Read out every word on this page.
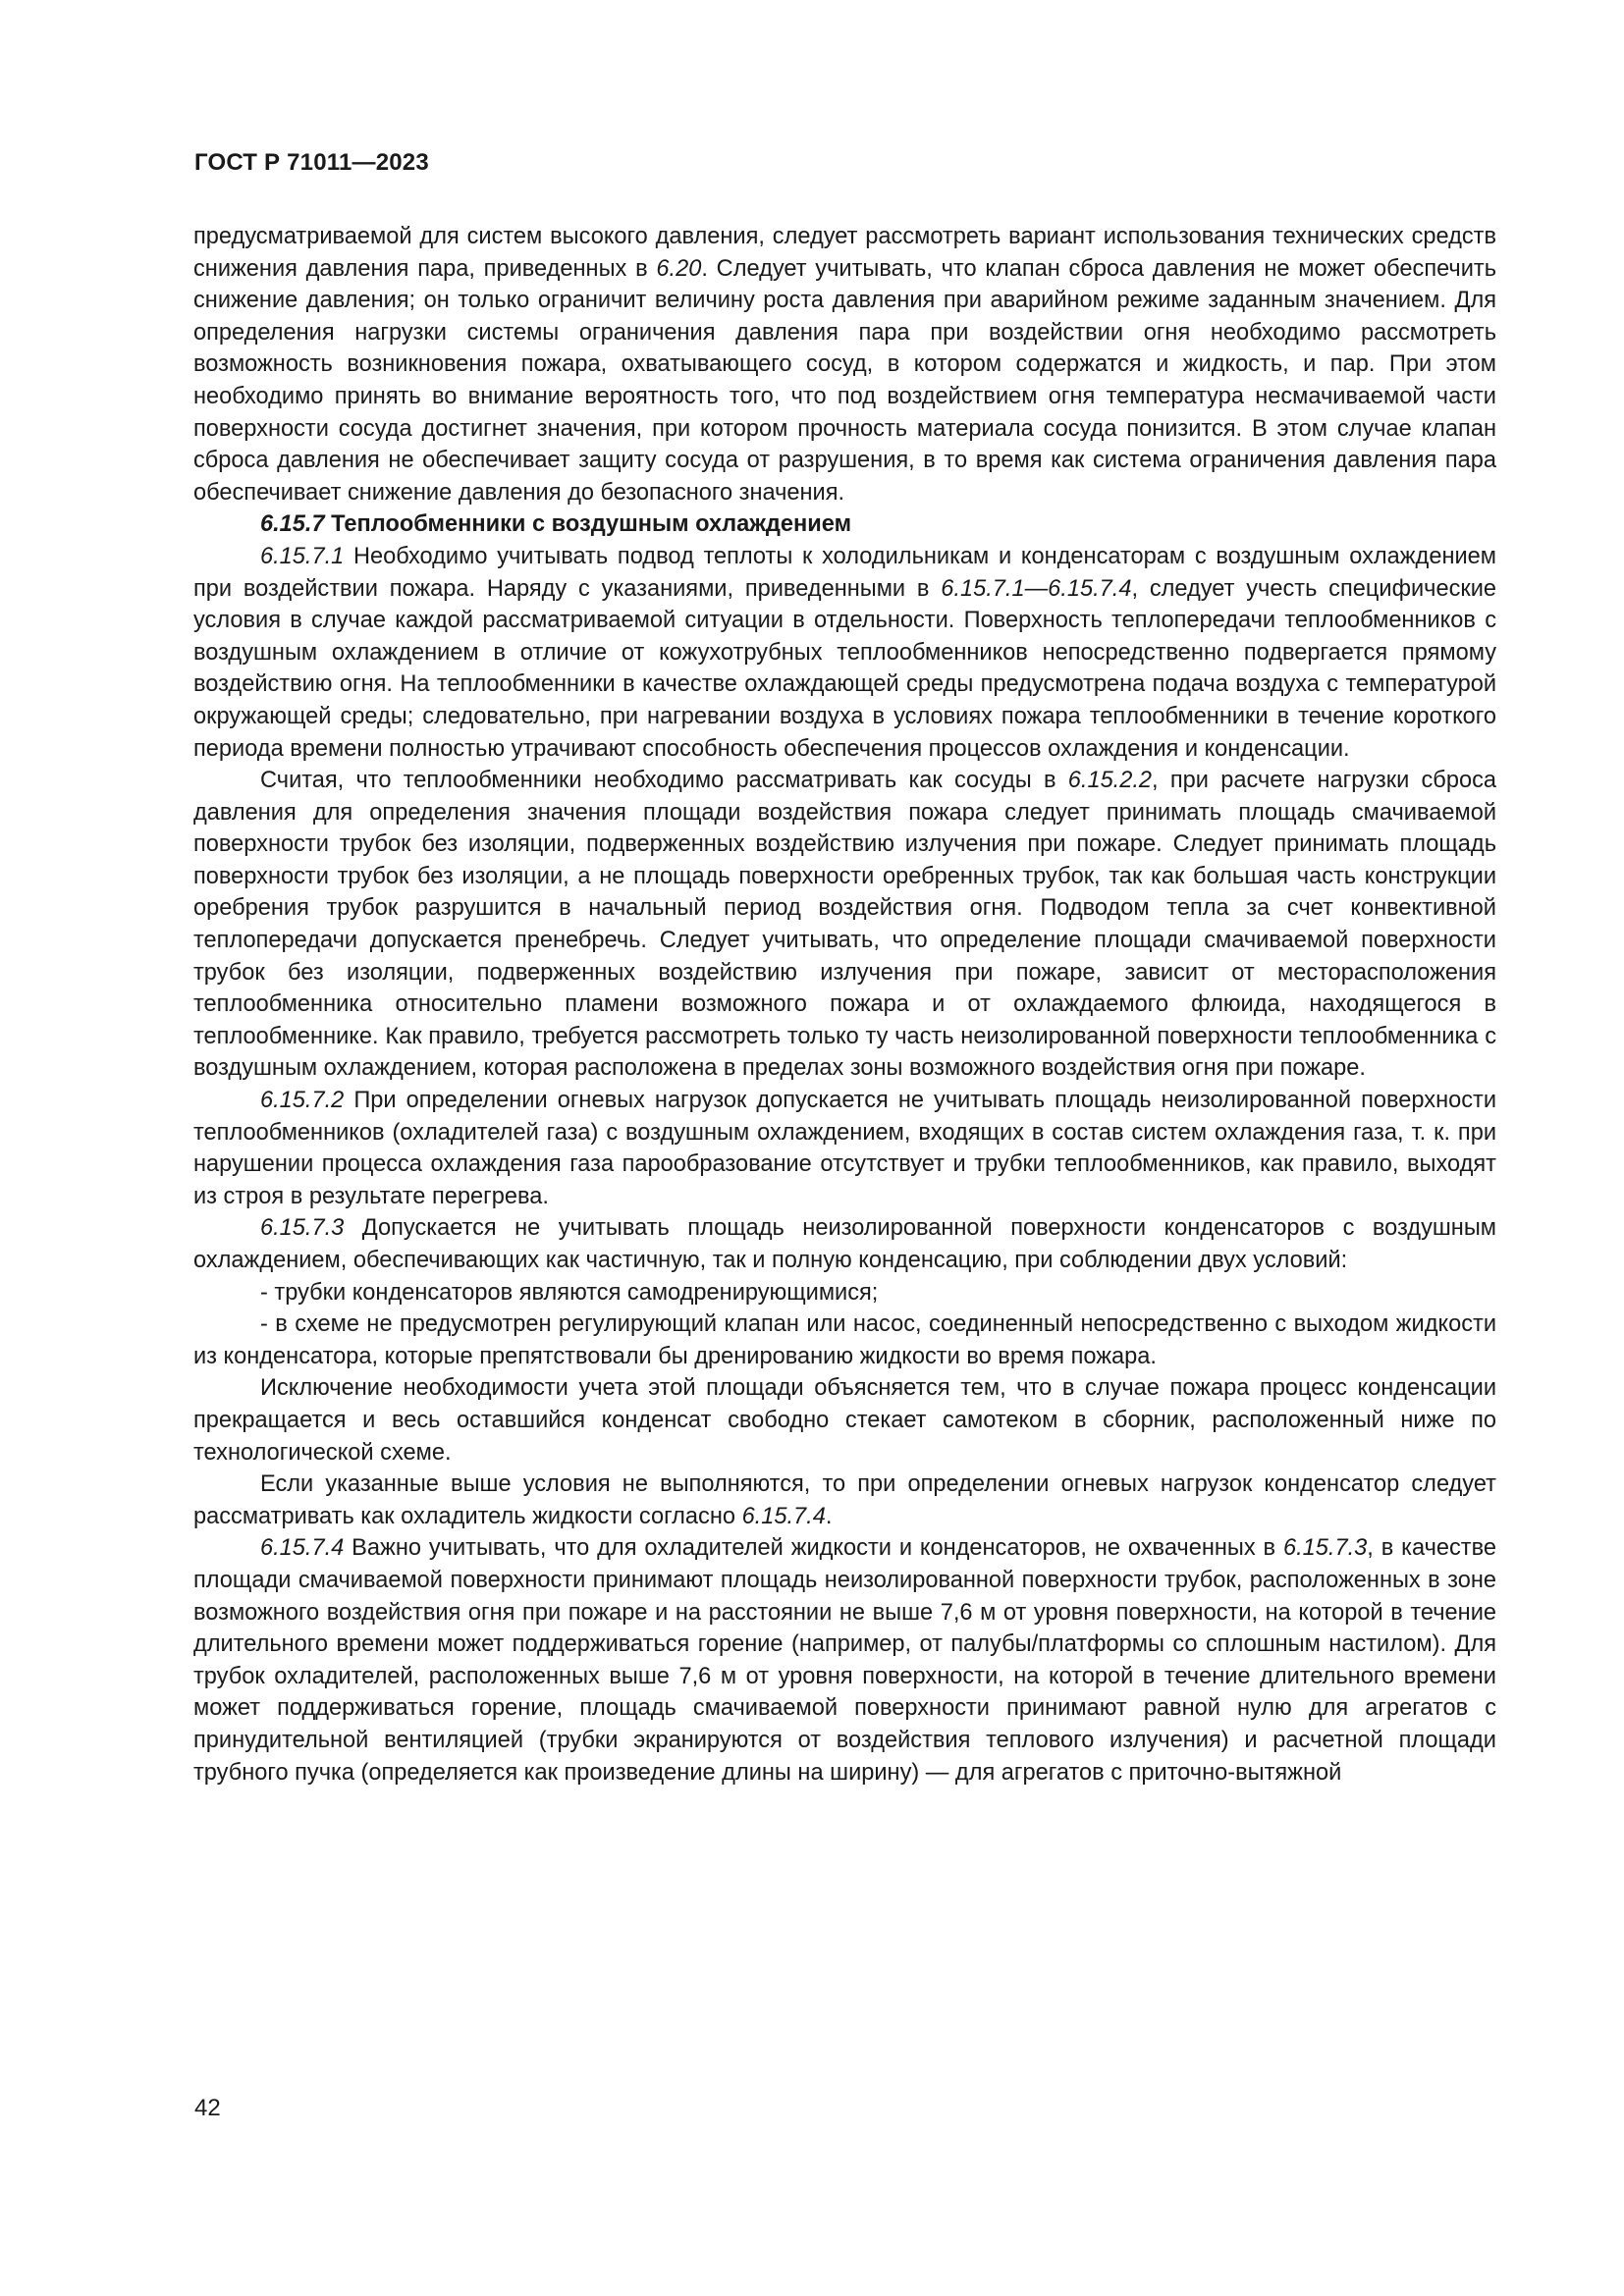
ГОСТ Р 71011—2023

предусматриваемой для систем высокого давления, следует рассмотреть вариант использования технических средств снижения давления пара, приведенных в 6.20. Следует учитывать, что клапан сброса давления не может обеспечить снижение давления; он только ограничит величину роста давления при аварийном режиме заданным значением. Для определения нагрузки системы ограничения давления пара при воздействии огня необходимо рассмотреть возможность возникновения пожара, охватывающего сосуд, в котором содержатся и жидкость, и пар. При этом необходимо принять во внимание вероятность того, что под воздействием огня температура несмачиваемой части поверхности сосуда достигнет значения, при котором прочность материала сосуда понизится. В этом случае клапан сброса давления не обеспечивает защиту сосуда от разрушения, в то время как система ограничения давления пара обеспечивает снижение давления до безопасного значения.

6.15.7 Теплообменники с воздушным охлаждением

6.15.7.1 Необходимо учитывать подвод теплоты к холодильникам и конденсаторам с воздушным охлаждением при воздействии пожара. Наряду с указаниями, приведенными в 6.15.7.1—6.15.7.4, следует учесть специфические условия в случае каждой рассматриваемой ситуации в отдельности. Поверхность теплопередачи теплообменников с воздушным охлаждением в отличие от кожухотрубных теплообменников непосредственно подвергается прямому воздействию огня. На теплообменники в качестве охлаждающей среды предусмотрена подача воздуха с температурой окружающей среды; следовательно, при нагревании воздуха в условиях пожара теплообменники в течение короткого периода времени полностью утрачивают способность обеспечения процессов охлаждения и конденсации.

Считая, что теплообменники необходимо рассматривать как сосуды в 6.15.2.2, при расчете нагрузки сброса давления для определения значения площади воздействия пожара следует принимать площадь смачиваемой поверхности трубок без изоляции, подверженных воздействию излучения при пожаре. Следует принимать площадь поверхности трубок без изоляции, а не площадь поверхности оребренных трубок, так как большая часть конструкции оребрения трубок разрушится в начальный период воздействия огня. Подводом тепла за счет конвективной теплопередачи допускается пренебречь. Следует учитывать, что определение площади смачиваемой поверхности трубок без изоляции, подверженных воздействию излучения при пожаре, зависит от месторасположения теплообменника относительно пламени возможного пожара и от охлаждаемого флюида, находящегося в теплообменнике. Как правило, требуется рассмотреть только ту часть неизолированной поверхности теплообменника с воздушным охлаждением, которая расположена в пределах зоны возможного воздействия огня при пожаре.

6.15.7.2 При определении огневых нагрузок допускается не учитывать площадь неизолированной поверхности теплообменников (охладителей газа) с воздушным охлаждением, входящих в состав систем охлаждения газа, т. к. при нарушении процесса охлаждения газа парообразование отсутствует и трубки теплообменников, как правило, выходят из строя в результате перегрева.

6.15.7.3 Допускается не учитывать площадь неизолированной поверхности конденсаторов с воздушным охлаждением, обеспечивающих как частичную, так и полную конденсацию, при соблюдении двух условий:

- трубки конденсаторов являются самодренирующимися;

- в схеме не предусмотрен регулирующий клапан или насос, соединенный непосредственно с выходом жидкости из конденсатора, которые препятствовали бы дренированию жидкости во время пожара.

Исключение необходимости учета этой площади объясняется тем, что в случае пожара процесс конденсации прекращается и весь оставшийся конденсат свободно стекает самотеком в сборник, расположенный ниже по технологической схеме.

Если указанные выше условия не выполняются, то при определении огневых нагрузок конденсатор следует рассматривать как охладитель жидкости согласно 6.15.7.4.

6.15.7.4 Важно учитывать, что для охладителей жидкости и конденсаторов, не охваченных в 6.15.7.3, в качестве площади смачиваемой поверхности принимают площадь неизолированной поверхности трубок, расположенных в зоне возможного воздействия огня при пожаре и на расстоянии не выше 7,6 м от уровня поверхности, на которой в течение длительного времени может поддерживаться горение (например, от палубы/платформы со сплошным настилом). Для трубок охладителей, расположенных выше 7,6 м от уровня поверхности, на которой в течение длительного времени может поддерживаться горение, площадь смачиваемой поверхности принимают равной нулю для агрегатов с принудительной вентиляцией (трубки экранируются от воздействия теплового излучения) и расчетной площади трубного пучка (определяется как произведение длины на ширину) — для агрегатов с приточно-вытяжной

42
